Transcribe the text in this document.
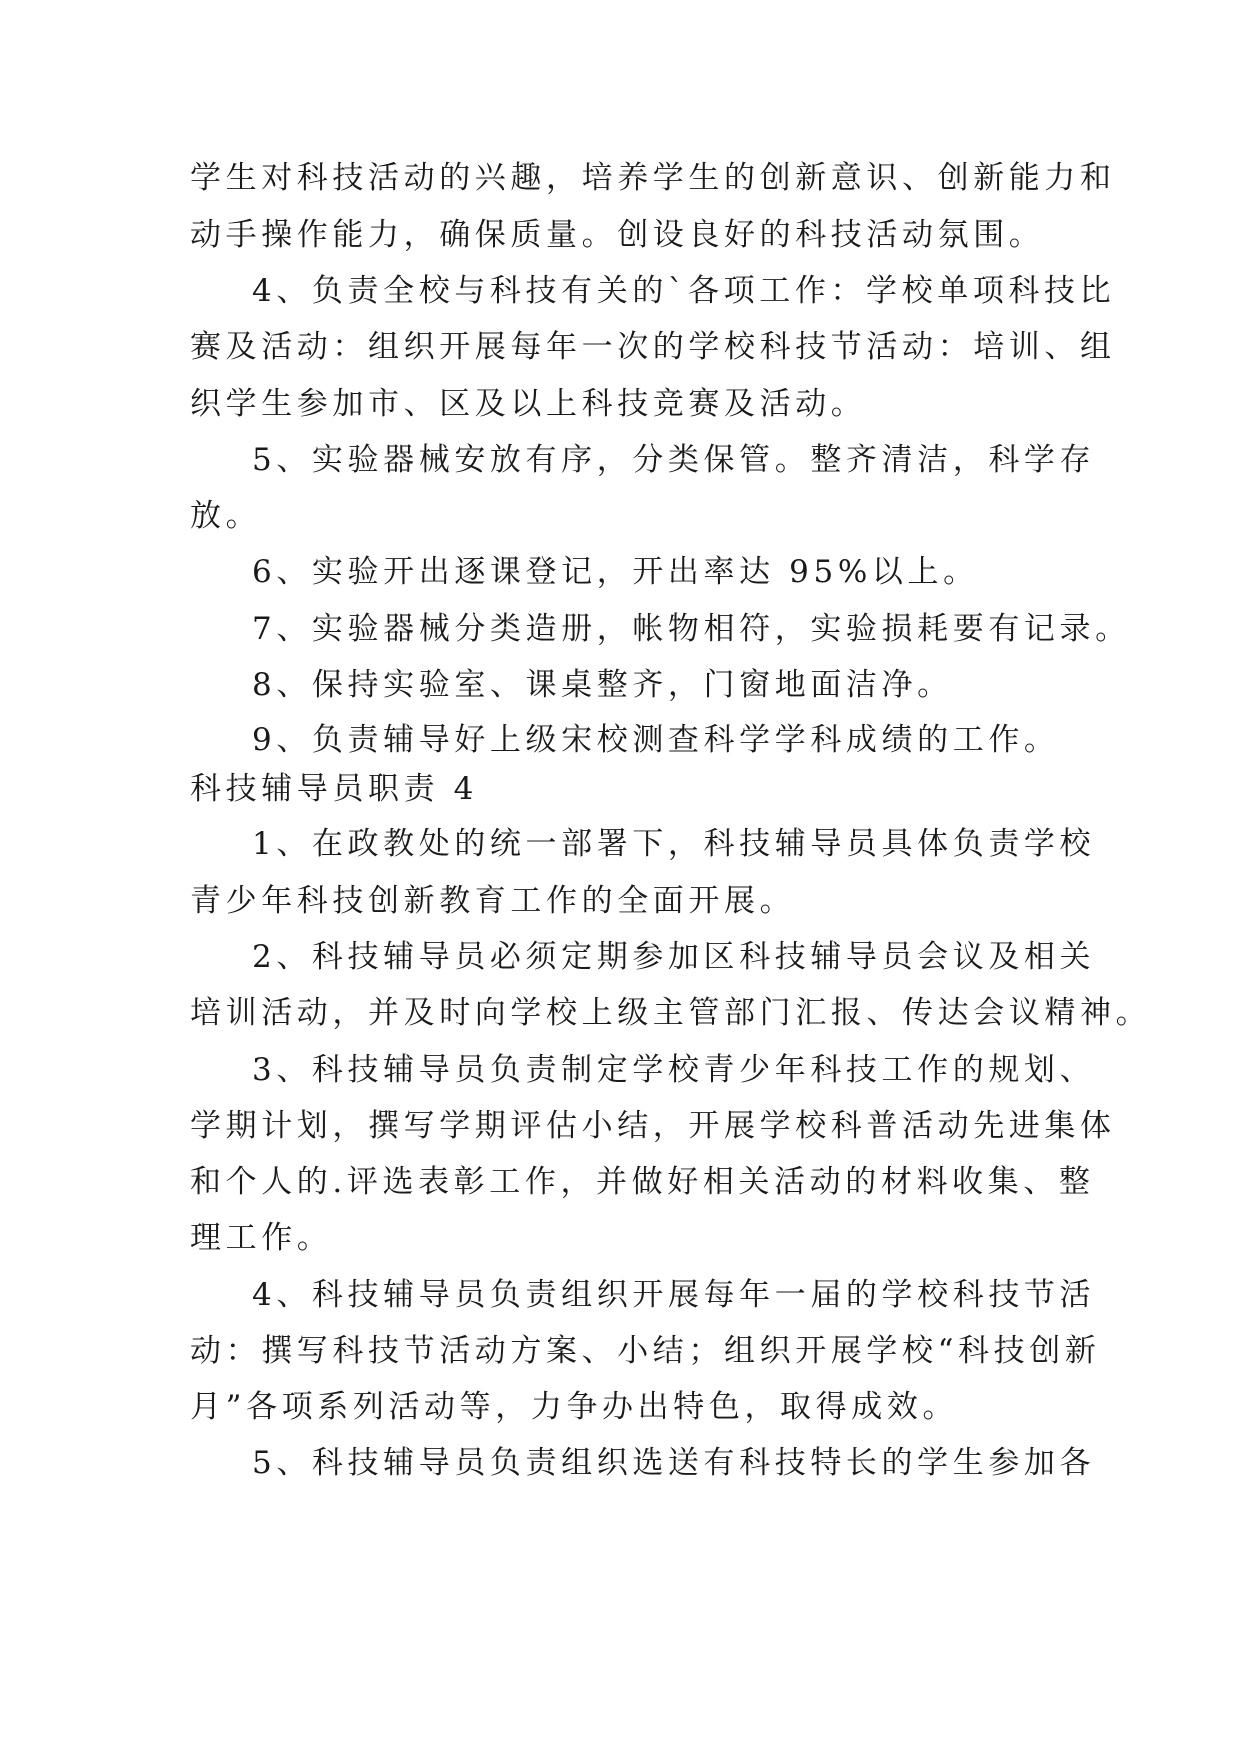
学生对科技活动的兴趣，培养学生的创新意识、创新能力和
动手操作能力，确保质量。创设良好的科技活动氛围。
4、负责全校与科技有关的`各项工作：学校单项科技比
赛及活动：组织开展每年一次的学校科技节活动：培训、组
织学生参加市、区及以上科技竞赛及活动。
5、实验器械安放有序，分类保管。整齐清洁，科学存
放。
6、实验开出逐课登记，开出率达 95%以上。
7、实验器械分类造册，帐物相符，实验损耗要有记录。
8、保持实验室、课桌整齐，门窗地面洁净。
9、负责辅导好上级宋校测查科学学科成绩的工作。
科技辅导员职责 4
1、在政教处的统一部署下，科技辅导员具体负责学校
青少年科技创新教育工作的全面开展。
2、科技辅导员必须定期参加区科技辅导员会议及相关
培训活动，并及时向学校上级主管部门汇报、传达会议精神。
3、科技辅导员负责制定学校青少年科技工作的规划、
学期计划，撰写学期评估小结，开展学校科普活动先进集体
和个人的.评选表彰工作，并做好相关活动的材料收集、整
理工作。
4、科技辅导员负责组织开展每年一届的学校科技节活
动：撰写科技节活动方案、小结；组织开展学校“科技创新
月”各项系列活动等，力争办出特色，取得成效。
5、科技辅导员负责组织选送有科技特长的学生参加各
